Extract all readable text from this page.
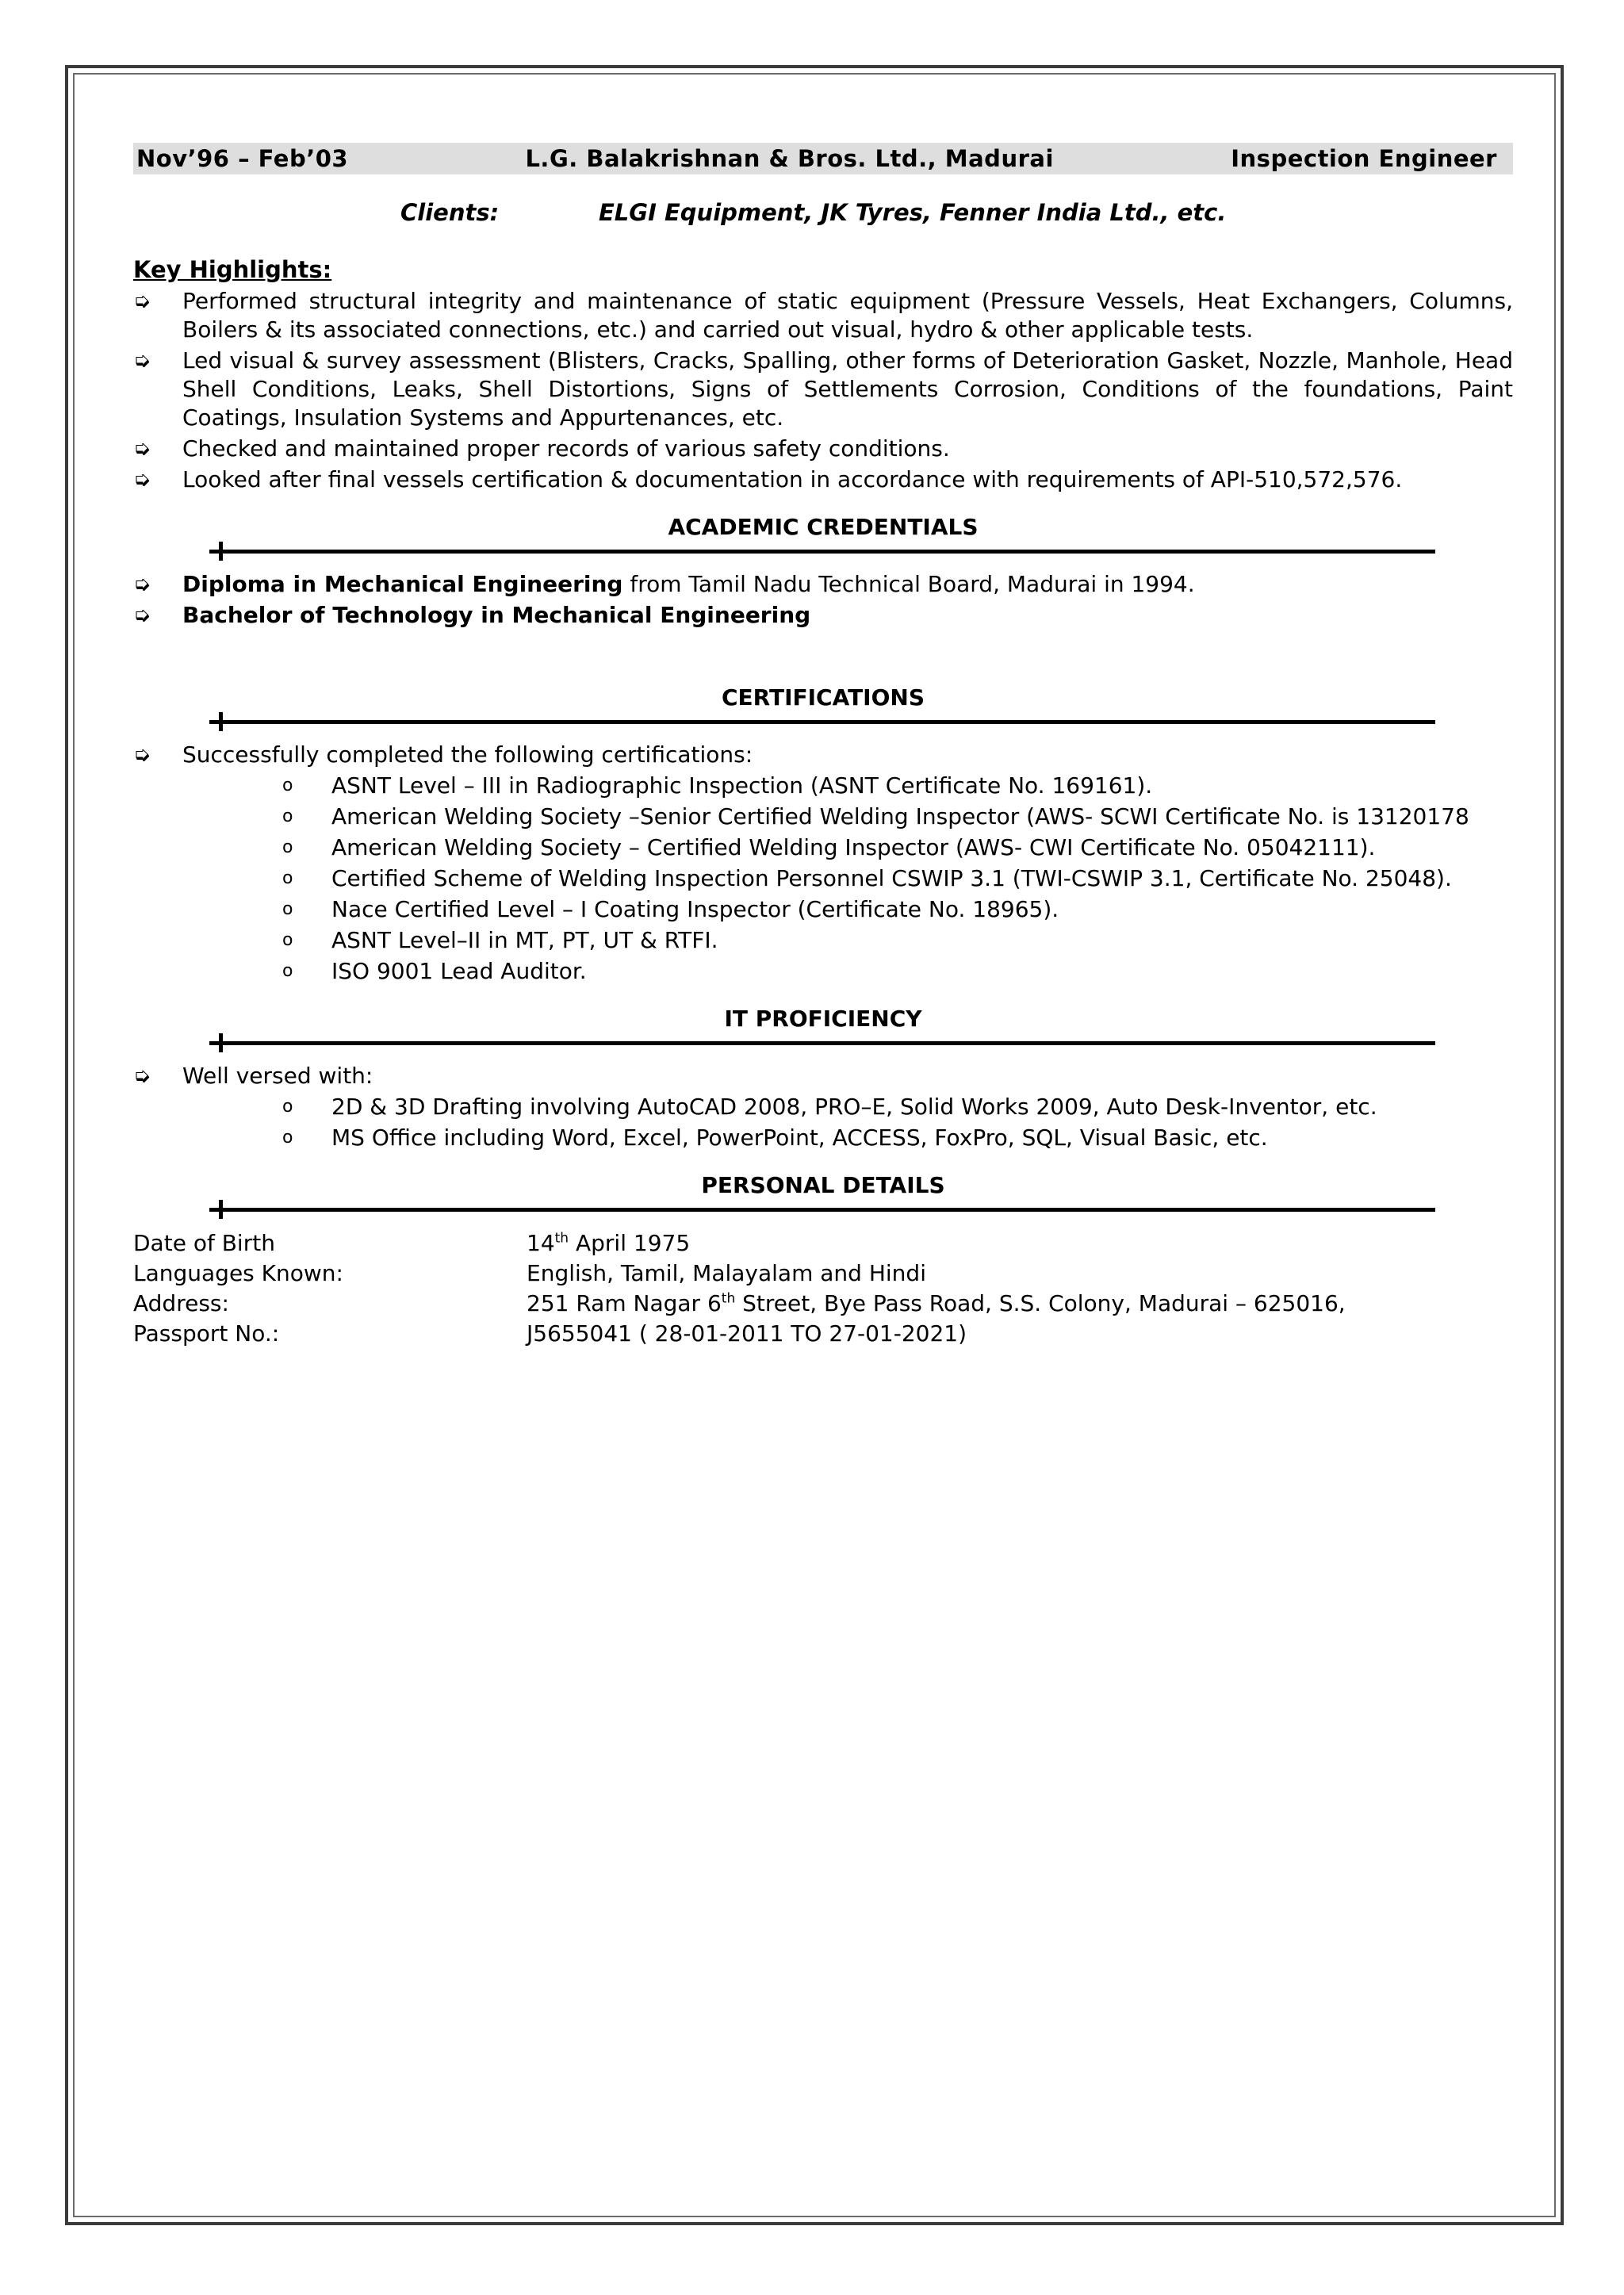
Nov’96 – Feb’03	L.G. Balakrishnan & Bros. Ltd., Madurai	Inspection Engineer
Clients:	ELGI Equipment, JK Tyres, Fenner India Ltd., etc.
Key Highlights:
➭	Performed structural integrity and maintenance of static equipment (Pressure Vessels, Heat Exchangers, Columns, Boilers & its associated connections, etc.) and carried out visual, hydro & other applicable tests.
➭	Led visual & survey assessment (Blisters, Cracks, Spalling, other forms of Deterioration Gasket, Nozzle, Manhole, Head Shell Conditions, Leaks, Shell Distortions, Signs of Settlements Corrosion, Conditions of the foundations, Paint Coatings, Insulation Systems and Appurtenances, etc.
➭	Checked and maintained proper records of various safety conditions.
➭	Looked after final vessels certification & documentation in accordance with requirements of API-510,572,576.
ACADEMIC CREDENTIALS
➭	Diploma in Mechanical Engineering from Tamil Nadu Technical Board, Madurai in 1994.
➭	Bachelor of Technology in Mechanical Engineering
CERTIFICATIONS
➭	Successfully completed the following certifications:
o	ASNT Level – III in Radiographic Inspection (ASNT Certificate No. 169161).
o	American Welding Society –Senior Certified Welding Inspector (AWS- SCWI Certificate No. is 13120178
o	American Welding Society – Certified Welding Inspector (AWS- CWI Certificate No. 05042111).
o	Certified Scheme of Welding Inspection Personnel CSWIP 3.1 (TWI-CSWIP 3.1, Certificate No. 25048).
o	Nace Certified Level – I Coating Inspector (Certificate No. 18965).
o	ASNT Level–II in MT, PT, UT & RTFI.
o	ISO 9001 Lead Auditor.
IT PROFICIENCY
➭	Well versed with:
o	2D & 3D Drafting involving AutoCAD 2008, PRO–E, Solid Works 2009, Auto Desk-Inventor, etc.
o	MS Office including Word, Excel, PowerPoint, ACCESS, FoxPro, SQL, Visual Basic, etc.
PERSONAL DETAILS
Date of Birth	14th April 1975
Languages Known:	English, Tamil, Malayalam and Hindi
Address:	251 Ram Nagar 6th Street, Bye Pass Road, S.S. Colony, Madurai – 625016,
Passport No.:	J5655041 ( 28-01-2011 TO 27-01-2021)
